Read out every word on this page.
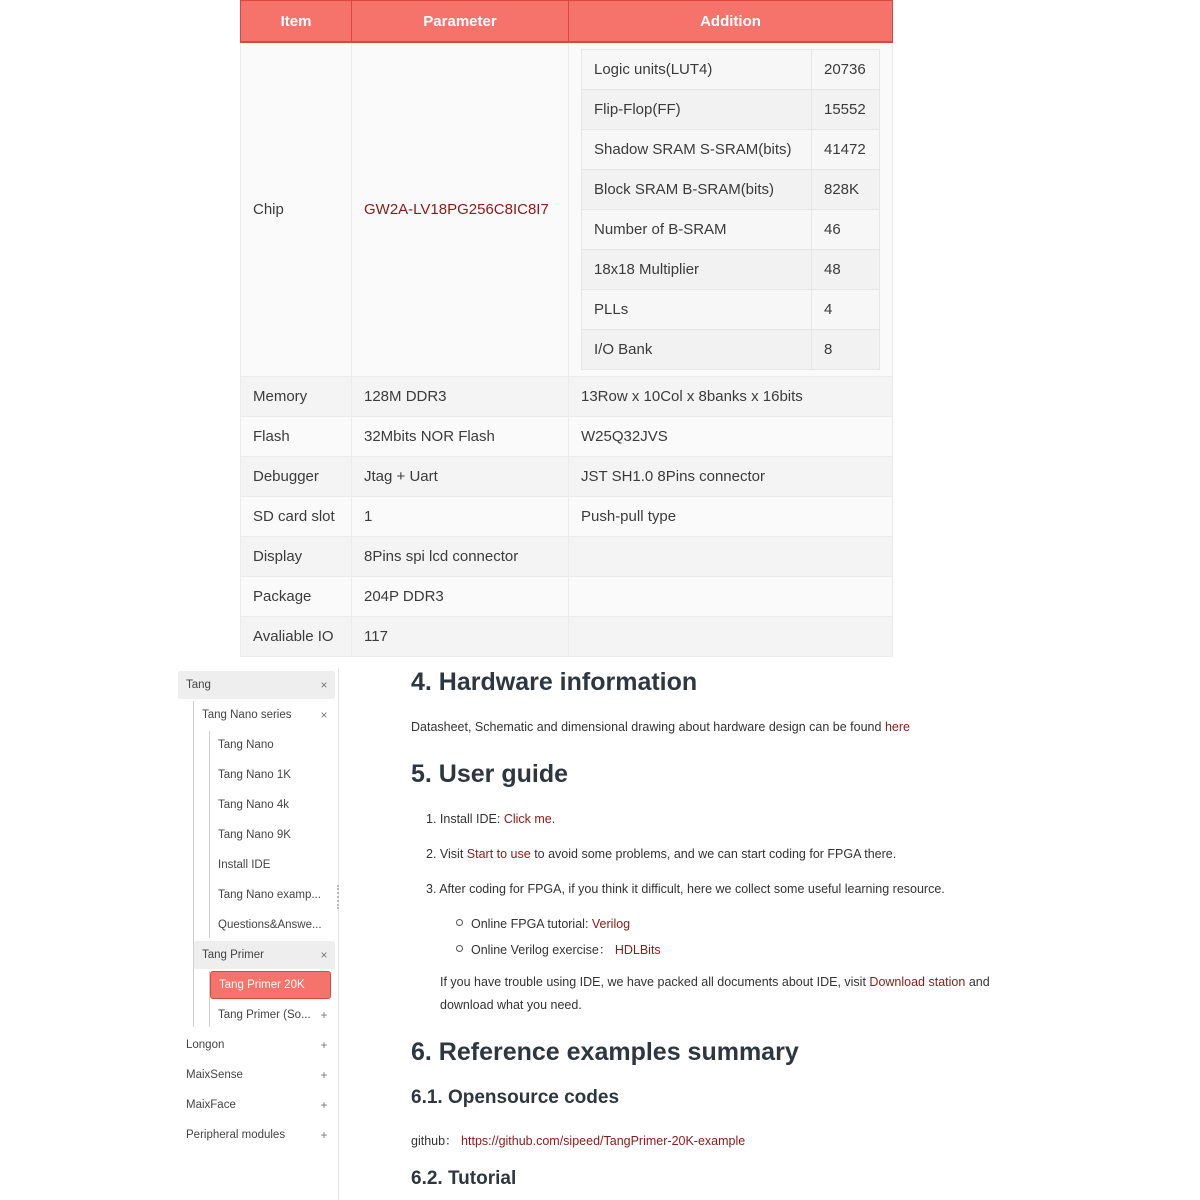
Item	Parameter	Addition
Chip	GW2A-LV18PG256C8IC8I7	
Logic units(LUT4)	20736
Flip-Flop(FF)	15552
Shadow SRAM S-SRAM(bits)	41472
Block SRAM B-SRAM(bits)	828K
Number of B-SRAM	46
18x18 Multiplier	48
PLLs	4
I/O Bank	8

Memory	128M DDR3	13Row x 10Col x 8banks x 16bits
Flash	32Mbits NOR Flash	W25Q32JVS
Debugger	Jtag + Uart	JST SH1.0 8Pins connector
SD card slot	1	Push-pull type
Display	8Pins spi lcd connector	
Package	204P DDR3	
Avaliable IO	117	
Tang	×
Tang Nano series	×
Tang Nano
Tang Nano 1K
Tang Nano 4k
Tang Nano 9K
Install IDE
Tang Nano examp...
Questions&Answe...
Tang Primer	×
Tang Primer 20K
Tang Primer (So... +
Longon	+
MaixSense	+
MaixFace	+
Peripheral modules	+
4. Hardware information
Datasheet, Schematic and dimensional drawing about hardware design can be found here
5. User guide
1. Install IDE: Click me.
2. Visit Start to use to avoid some problems, and we can start coding for FPGA there.
3. After coding for FPGA, if you think it difficult, here we collect some useful learning resource.
Online FPGA tutorial: Verilog
Online Verilog exercise： HDLBits
If you have trouble using IDE, we have packed all documents about IDE, visit Download station and download what you need.
6. Reference examples summary
6.1. Opensource codes
github： https://github.com/sipeed/TangPrimer-20K-example
6.2. Tutorial
